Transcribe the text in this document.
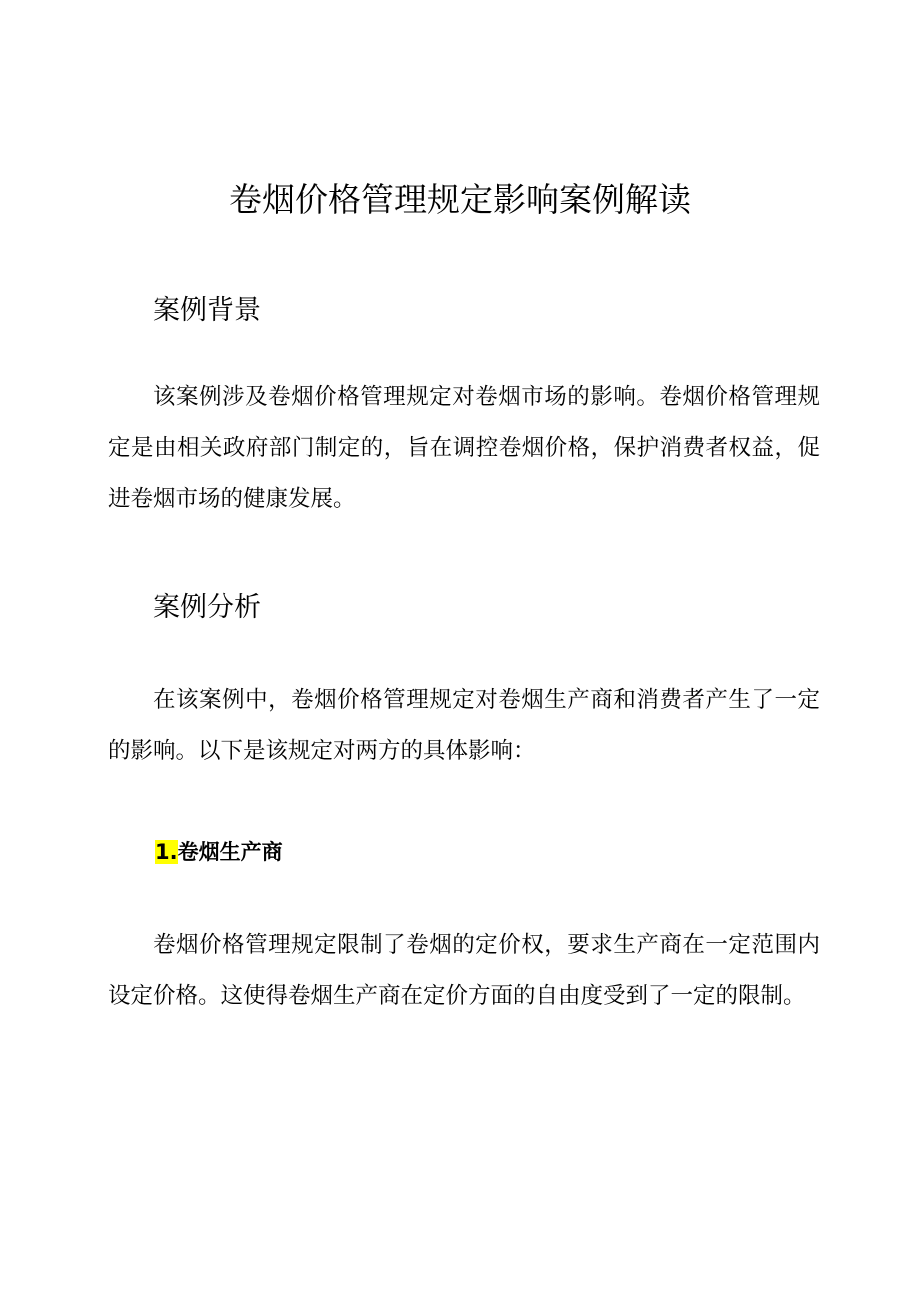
卷烟价格管理规定影响案例解读
案例背景

该案例涉及卷烟价格管理规定对卷烟市场的影响。卷烟价格管理规定是由相关政府部门制定的，旨在调控卷烟价格，保护消费者权益，促进卷烟市场的健康发展。

案例分析

在该案例中，卷烟价格管理规定对卷烟生产商和消费者产生了一定的影响。以下是该规定对两方的具体影响：

1.卷烟生产商

卷烟价格管理规定限制了卷烟的定价权，要求生产商在一定范围内设定价格。这使得卷烟生产商在定价方面的自由度受到了一定的限制。
